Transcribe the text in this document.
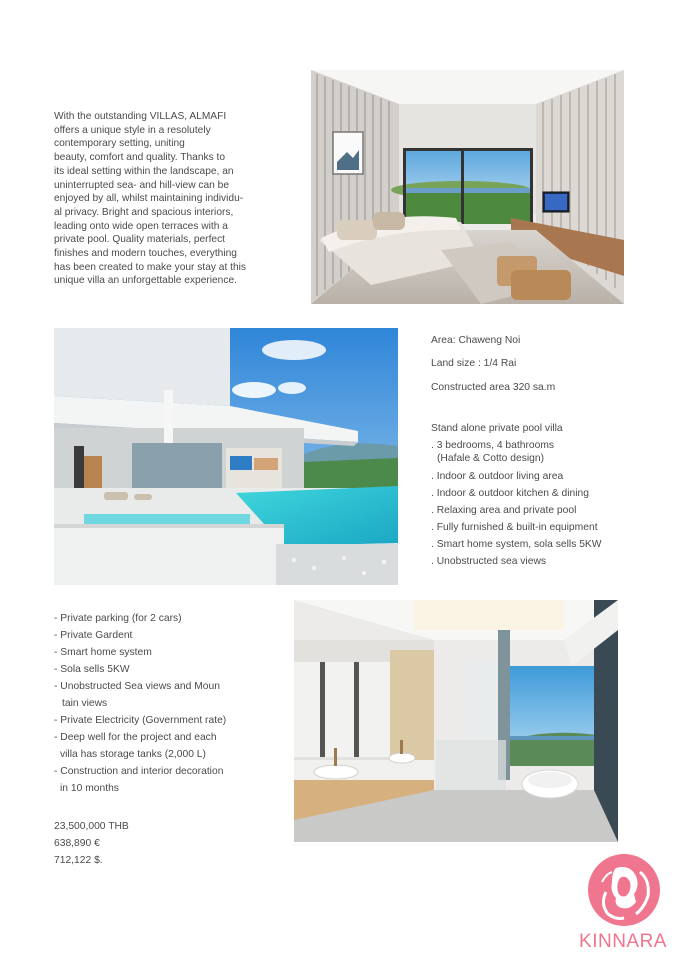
With the outstanding VILLAS, ALMAFI
offers a unique style in a resolutely
contemporary setting, uniting
beauty, comfort and quality. Thanks to
its ideal setting within the landscape, an
uninterrupted sea- and hill-view can be
enjoyed by all, whilst maintaining individu-
al privacy. Bright and spacious interiors,
leading onto wide open terraces with a
private pool. Quality materials, perfect
finishes and modern touches, everything
has been created to make your stay at this
unique villa an unforgettable experience.
Area: Chaweng Noi
Land size : 1/4 Rai
Constructed area 320 sa.m
Stand alone private pool villa
. 3 bedrooms, 4 bathrooms
(Hafale & Cotto design)
. Indoor & outdoor living area
. Indoor & outdoor kitchen & dining
. Relaxing area and private pool
. Fully furnished & built-in equipment
. Smart home system, sola sells 5KW
. Unobstructed sea views
- Private parking (for 2 cars)
- Private Gardent
- Smart home system
- Sola sells 5KW
- Unobstructed Sea views and Moun
tain views
- Private Electricity (Government rate)
- Deep well for the project and each
villa has storage tanks (2,000 L)
- Construction and interior decoration
in 10 months
23,500,000 THB
638,890 €
712,122 $.
KINNARA
